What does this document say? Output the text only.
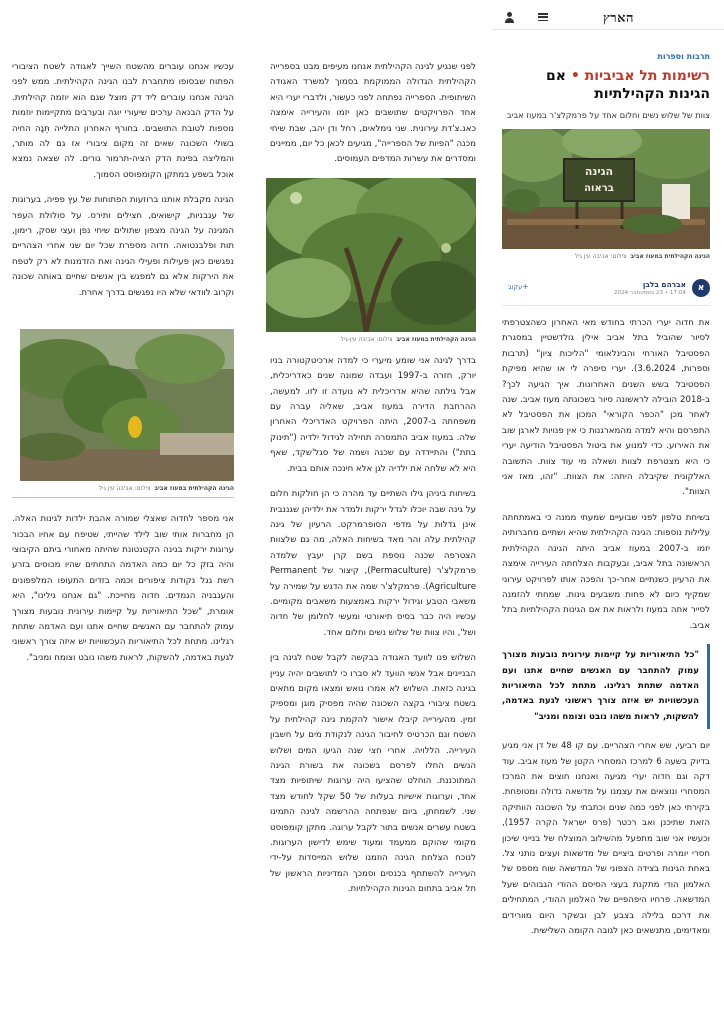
הארץ
תרבות וספרות
רשימות תל אביביות • אם הגינות הקהילתיות
צוות של שלוש נשים וחלום אחד על פרמקלצ'ר במעוז אביב
הגינה
בראוה
הגינה הקהילתית במעוז אביב  צילום: אביבה עין גיל
א
אברהם בלבן
17:04 • 23 בספטמבר 2024
+
עקוב

את חדוה יערי הכרתי בחודש מאי האחרון כשהצטרפתי לסיור שהוביל בתל אביב אילין גולדשטיין במסגרת הפסטיבל האורחי והבינלאומי "הליכות ציון" (תרבות וספרות, 3.6.2024). יערי סיפרה לי או שהיא מפיקת הפסטיבל בשש השנים האחרונות. איך הגיעה לכך? ב-2018 הובילה לראשונה סיור בשכונתה מעוז אביב. שנה לאחר מכן "הכפר הקוראי" המכון את הפסטיבל לא התפרסם והיא למדה מהמארגנות כי אין פנויות לארגן שוב את האירוע. כדי למנוע את ביטול הפסטיבל הודיעה יערי כי היא מצטרפת לצוות ושאלה מי עוד צוות. התשובה האלקונית שקיבלה היתה: את הצוות. "זהו, מאז אני הצוות".

בשיחת טלפון לפני שבועיים שמעתי ממנה כי באמתחתה עלילות נוספות: הגינה הקהילתית שהיא ושתיים מחברותיה יזמו ב-2007 במעוז אביב היתה הגינה הקהילתית הראשונה בתל אביב, ובעקבות הצלחתה העירייה אימצה את הרעיון כשנתיים אחר-כך והפכה אותו לפרויקט עירוני שמקיף כיום לא פחות משבעים גינות. שמחתי להזמנה לסייר אתה במעוז ולראות את אם הגינות הקהילתיות בתל אביב.

"כל התיאוריות על קיימות עירונית נובעות מצורך עמוק להתחבר עם האנשים שחיים אתנו ועם האדמה שתחת רגלינו. מתחת לכל התיאוריות העכשוויות יש איזה צורך ראשוני לגעת באדמה, להשקות, לראות משהו נובט וצומח ומניב"

יום רביעי, שש אחרי הצהריים. עם קו 48 של דן אני מגיע בדיוק בשעה 6 למרכז המסחרי הקטן של מעוז אביב. עוד דקה וגם חדוה יערי מגיעה ואנחנו חוצים את המרכז המסחרי ונוצאים את עצמנו על מדשאה גדולה ומטופחת. בקירתי כאן לפני כמה שנים וכתבתי על השכונה הוותיקה הזאת שתיכנן ואב רכטר (פרס ישראל הקרה 1957), וכעשיו אני שוב מתפעל מהשילוב המוצלח של בנייני שיכון חסרי יומרה ופרטים ביציים של מדשאות ועצים נותני צל. באחת הגינות בצידה הצפוני של המדשאה שוח מספס של האלמון הודי מתקנת בעצי הסיסם ההודי הגבוהים שעל המדשאה. פרחיו היפהפיים של האלמון ההודי, המתחילים את דרכם בלילה בצבע לבן ובשקר היום מוורידים ומאדימים, מתנשאים כאן לגובה הקומה השלישית.

לפני שנגיע לגינה הקהילתית אנחנו מעיפים מבט בספרייה הקהילתית הגדולה הממוקמת בסמוך למשרד האגודה השיתופית. הספרייה נפתחה לפני כעשור, ולדברי יערי היא אחד הפרויקטים שתושבים כאן יזמו והעירייה אימצה כאנ.צ'דת עירונית. שני גימלאים, רחל ודן יהב, שבת שיחי מכנה "הפיות של הספרייה", מגיעים לכאן כל יום, ממיינים ומסדרים את עשרות המדפים העמוסים.

הגינה הקהילתית במעוז אביב  צילום: אביבה עין-גיל

בדרך לגינה אני שומע מיערי כי למדה ארכיטקטורה בניו יורק, חזרה ב-1997 ועבדה שמונה שנים כאדריכלית, אבל גילתה שהיא אדריכלית לא נועדה זו לזו. למעשה, ההרחבת הדירה במעוז אביב, שאליה עברה עם משפחתה ב-2007, היתה הפרויקט האדריכלי האחרון שלה. במעוז אביב התמסרה תחילה לגידול ילדיה ("תינוק בתת") והתיידדה עם שכנה ושמה של סגל'שקד, שאף היא לא שלחה את ילדיה לגן אלא חינכה אותם בבית.

בשיחות ביניהן גילו השתיים עד מהרה כי הן חולקות חלום על גינה שבה יוכלו לגדל ירקות ולמדר את ילדיהן שגננבית אינן גדלות על מדפי הסופרמרקט. הרעיון של גינה קהילתית עלה והר מאד בשיחות האלה, מה גם שלצוות הצטרפה שכנה נוספת בשם קרן יעבץ שלמדה פרמקלצ'ר (Permaculture), קיצור של Permanent Agriculture). פרמקלצ'ר שמה את הדגש על שמירה על משאבי הטבע וגידול ירקות באמצעות משאבים מקומיים. עכשיו היה כבר בסיס תיאורטי ומעשי לחלומן של חדוה ושל', והיו צוות של שלוש נשים וחלום אחד.

השלוש פנו לוועד האגודה בבקשה לקבל שטח לגינה בין הבניינים אבל אנשי הוועד לא סברו כי לתושבים יהיה עניין בגינה כזאת. השלוש לא אמרו נואש ומצאו מקום מתאים בשטח ציבורי בקצה השכונה שהיה מפסיק מוגן ומספיק זמין. מהעירייה קיבלו אישור להקמת גינה קהילתית על השטח וגם הכרטיס לחיבור הגינה לנקודת מים על חשבון העירייה. הללויה. אחרי חצי שנה הגיעו המים ושלוש הנשים החלו לפרסם בשכונה את בשורת הגינה המתוכננת. הוחלט שהציעו היה ערוגות שיתופיות מצד אחד, וערוגות אישיות בעלות של 50 שקל לחודש מצד שני. לשמחתן, ביום שנפתחה ההרשמה לגינה התמינו בשטח עשרים אנשים בתור לקבל ערוגה. מתקן קומפוסט מקומי שהוקם ממעמד ומעוד שימש לדישון הערוגות. לנוכח הצלחת הגינה הוזמנו שלוש המייסדות על-ידי העירייה להשתתף בכנסים וסמכך המדיניות הראשון של תל אביב בתחום הגינות הקהילתיות.

עכשיו אנחנו עוברים מהשטח השייך לאגודה לשטח הציבורי הפתוח שבסופו מתחברת לבנו הגינה הקהילתית. ממש לפני הגינה אנחנו עוברים ליד דק מוצל שגם הוא יוזמה קהילתית. על הדק הבנאה ערכים שיעורי יוגה ובערבים מתקיימות יוזמות נוספות לטובת התושבים. בחורף האחרון התלייה תֵּנָה החיה בשולי השכונה שאים זה מקום ציבורי אז גם לה מותר, והמליצה בפינת הדק הציה-תרמור גורים. לה שצאה נמצא אוכל בשפע במתקן הקומפוסט הסמוך.

הגינה מקבלת אותנו ברוזעות הפתוחות של עץ פפיה, בערוגות של עגבניות, קישואים, חצילים ותירס. על סולולת העפר המגינה על הגינה מצפון שתולים שיחי נפן ועצי שסק, רימון, תות ופלבנטואה. חדוה מספרת שכל יום שני אחרי הצהריים נפגשים כאן פעילות ופעילי הגינה ואת הזדמנות לא רק לטפח את הירקות אלא גם למפגש בין אנשים שחיים באותה שכונה וקרוב לוודאי שלא היו נפגשים בדרך אחרת.

הגינה הקהילתית במעוז אביב  צילום: אביבה עין גיל

אני מספר לחדוה שאצלי שמורה אהבת ילדות לגינות האלה. הן מחברות אותי שוב לילד שהייתי, שטיפח עם אחיו הבכור ערוגות ירקות בגינה הקטנטונת שהיתה מאחורי ביתם הקיבוצי והיה בזק כל יום כמה האדמה התחתים שהיו מכוסים בזרע רשת גגל נקודות ציפורים וכמה בזדים התעופו המלפפונים והעגבניה הגמדים. חדוה מחייכת. "גם אנחנו גילינו", היא אומרת, "שכל התיאוריות על קיימות עירונית נובעות מצורך עמוק להתחבר עם האנשים שחיים אתנו ועם האדמה שתחת רגלינו. מתחת לכל התיאוריות העכשוויות יש איזה צורך ראשוני לגעת באדמה, להשקות, לראות משהו נובט וצומח ומניב".
